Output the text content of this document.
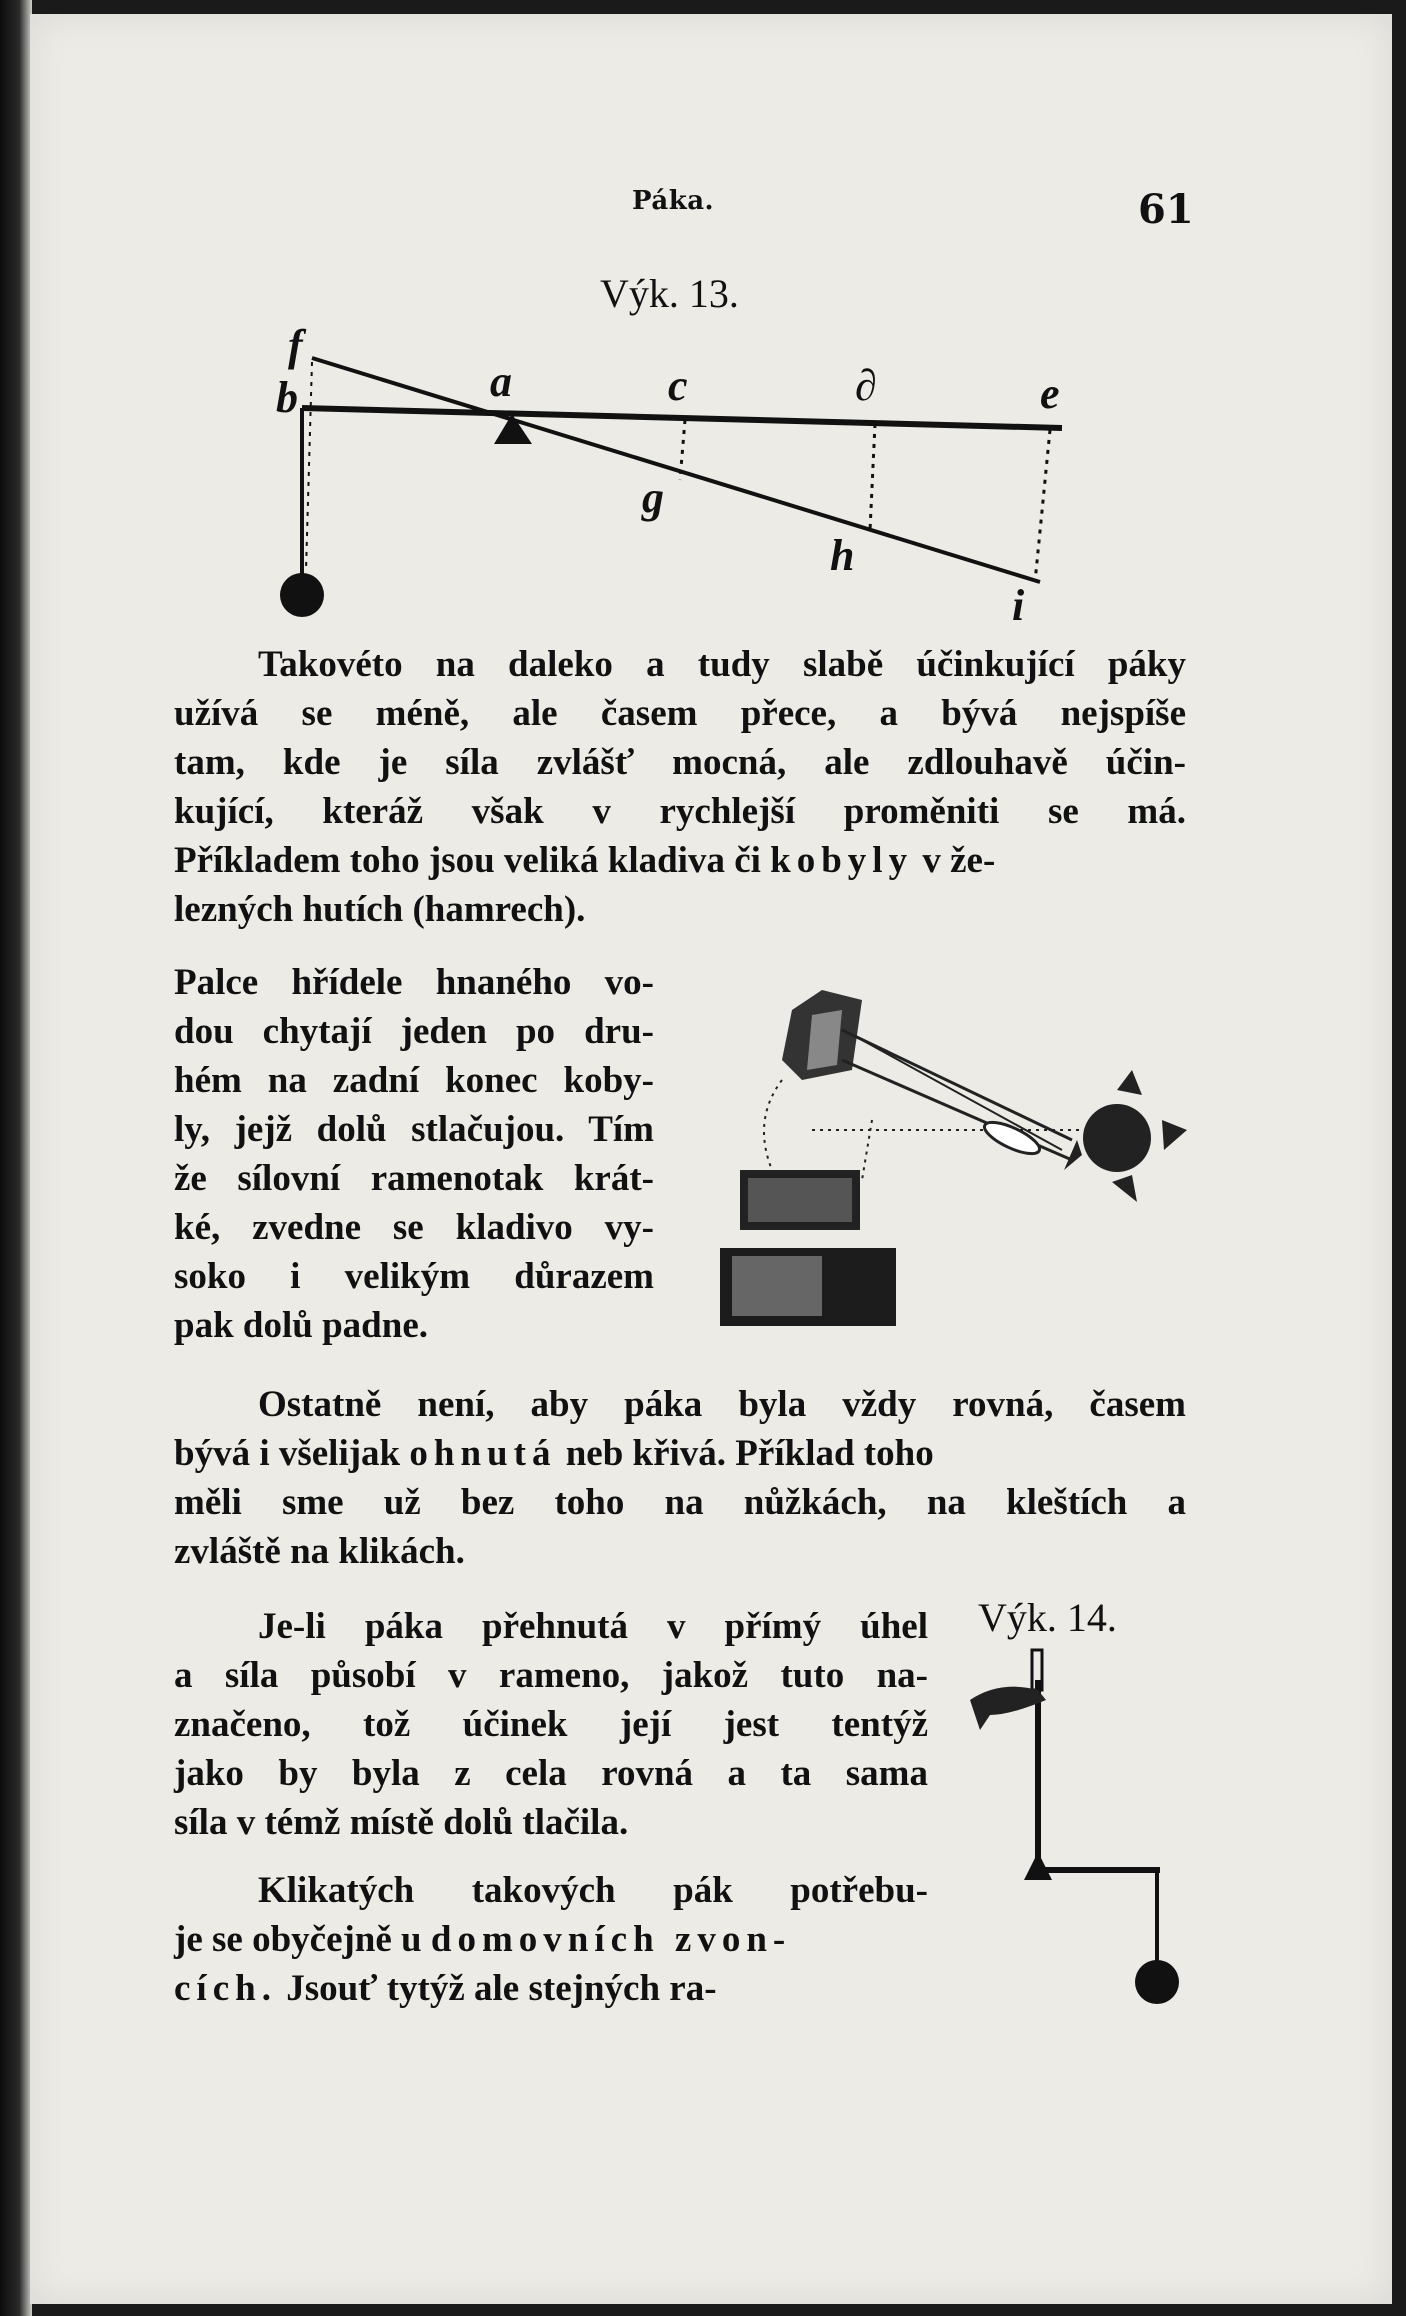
Páka.	61
Výk. 13.
f
b	a	c	∂	e
g
h
i
Takovéto na daleko a tudy slabě účinkující páky
užívá se méně, ale časem přece, a bývá nejspíše
tam, kde je síla zvlášť mocná, ale zdlouhavě účin-
kující, kteráž však v rychlejší proměniti se má.
Příkladem toho jsou veliká kladiva či kobyly v že-
lezných hutích (hamrech).
Palce hřídele hnaného vo-
dou chytají jeden po dru-
hém na zadní konec koby-
ly, jejž dolů stlačujou. Tím
že sílovní ramenotak krát-
ké, zvedne se kladivo vy-
soko i velikým důrazem
pak dolů padne.
Ostatně není, aby páka byla vždy rovná, časem
bývá i všelijak ohnutá neb křivá. Příklad toho
měli sme už bez toho na nůžkách, na kleštích a
zvláště na klikách.
Výk. 14.
Je-li páka přehnutá v přímý úhel
a síla působí v rameno, jakož tuto na-
značeno, tož účinek její jest tentýž
jako by byla z cela rovná a ta sama
síla v témž místě dolů tlačila.
Klikatých takových pák potřebu-
je se obyčejně u domovních zvon-
cích. Jsouť tytýž ale stejných ra-
